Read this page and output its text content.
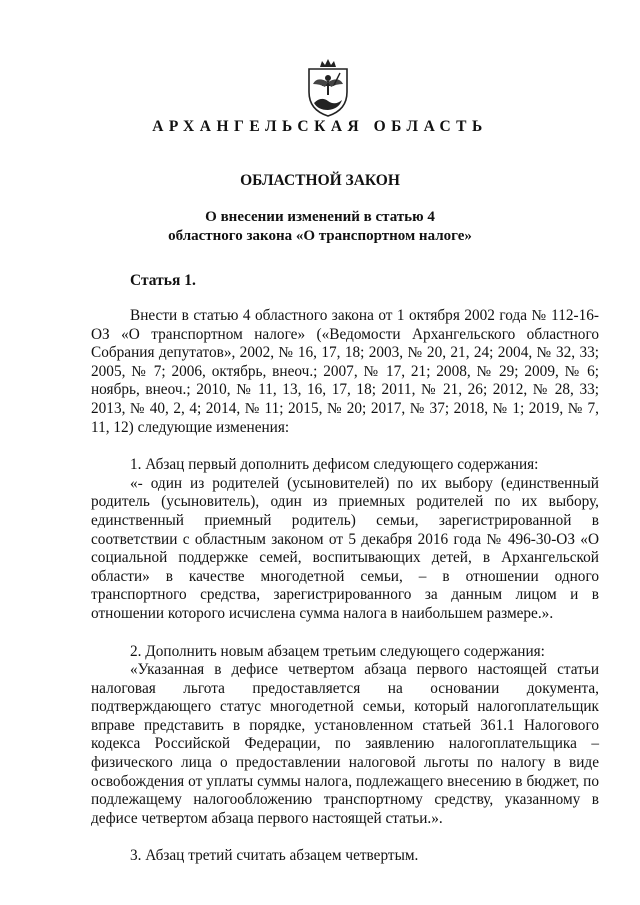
АРХАНГЕЛЬСКАЯ ОБЛАСТЬ
ОБЛАСТНОЙ ЗАКОН
О внесении изменений в статью 4
областного закона «О транспортном налоге»
Статья 1.

Внести в статью 4 областного закона от 1 октября 2002 года № 112-16-ОЗ «О транспортном налоге» («Ведомости Архангельского областного Собрания депутатов», 2002, № 16, 17, 18; 2003, № 20, 21, 24; 2004, № 32, 33; 2005, № 7; 2006, октябрь, внеоч.; 2007, № 17, 21; 2008, № 29; 2009, № 6; ноябрь, внеоч.; 2010, № 11, 13, 16, 17, 18; 2011, № 21, 26; 2012, № 28, 33; 2013, № 40, 2, 4; 2014, № 11; 2015, № 20; 2017, № 37; 2018, № 1; 2019, № 7, 11, 12) следующие изменения:

1. Абзац первый дополнить дефисом следующего содержания:

«- один из родителей (усыновителей) по их выбору (единственный родитель (усыновитель), один из приемных родителей по их выбору, единственный приемный родитель) семьи, зарегистрированной в соответствии с областным законом от 5 декабря 2016 года № 496-30-ОЗ «О социальной поддержке семей, воспитывающих детей, в Архангельской области» в качестве многодетной семьи, – в отношении одного транспортного средства, зарегистрированного за данным лицом и в отношении которого исчислена сумма налога в наибольшем размере.».

2. Дополнить новым абзацем третьим следующего содержания:

«Указанная в дефисе четвертом абзаца первого настоящей статьи налоговая льгота предоставляется на основании документа, подтверждающего статус многодетной семьи, который налогоплательщик вправе представить в порядке, установленном статьей 361.1 Налогового кодекса Российской Федерации, по заявлению налогоплательщика – физического лица о предоставлении налоговой льготы по налогу в виде освобождения от уплаты суммы налога, подлежащего внесению в бюджет, по подлежащему налогообложению транспортному средству, указанному в дефисе четвертом абзаца первого настоящей статьи.».

3. Абзац третий считать абзацем четвертым.
